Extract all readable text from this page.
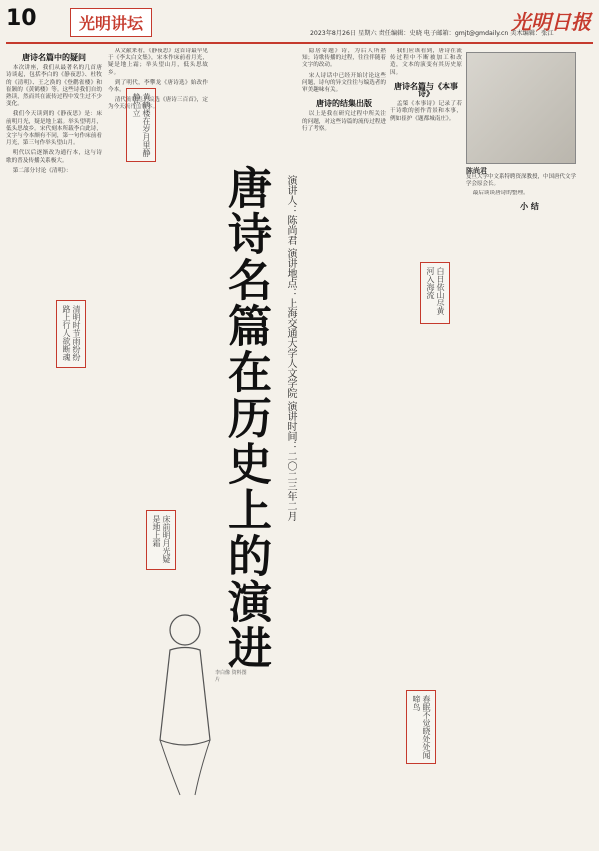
10	光明讲坛
2023年8月26日 星期六 责任编辑：史晓 电子邮箱：gmjt@gmdaily.cn 美术编辑：张江
光明日报
唐诗名篇中的疑问

本次讲座，我们从最著名的几首唐诗谈起，包括李白的《静夜思》、杜牧的《清明》、王之涣的《登鹳雀楼》和崔颢的《黄鹤楼》等。这些诗我们自幼熟读，然而其在流传过程中发生过不少变化。

我们今天读到的《静夜思》是：床前明月光，疑是地上霜。举头望明月，低头思故乡。宋代刻本所载李白此诗，文字与今本颇有不同，第一句作床前看月光，第三句作举头望山月。

明代以后逐渐改为通行本，这与诗歌的普及传播关系极大。

第二部分讨论《清明》：

从文献来看，《静夜思》这首诗最早见于《李太白文集》，宋本作床前看月光，疑是地上霜；举头望山月，低头思故乡。

到了明代，李攀龙《唐诗选》始改作今本。

清代蘅塘退士编选《唐诗三百首》，定为今天流行的版本。

唐诗名篇在历史上的演进 演讲人：陈尚君 演讲地点：上海交通大学人文学院 演讲时间：二〇二三年二月

隐居寄题》诗，为后人所熟知；诗歌传播的过程，往往伴随着文字的改动。

宋人诗话中已经开始讨论这些问题，诗句的异文往往与编选者的审美趣味有关。

唐诗的结集出版

以上是我在研究过程中所关注的问题，对这些诗篇的流传过程进行了考察。

我们应该看到，唐诗在流传过程中不断被加工和改造，文本的演变有其历史原因。

唐诗名篇与《本事诗》

孟棨《本事诗》记录了若干诗歌的创作背景和本事，例如崔护《题都城南庄》。

陈尚君
复旦大学中文系特聘资深教授，中国唐代文学学会原会长。

最后谈谈唐诗的整理。

小 结
黄鹤楼在岁月里静静伫立
清明时节雨纷纷路上行人欲断魂
床前明月光疑是地上霜
春眠不觉晓处处闻啼鸟
白日依山尽黄河入海流
李白像 资料图片
